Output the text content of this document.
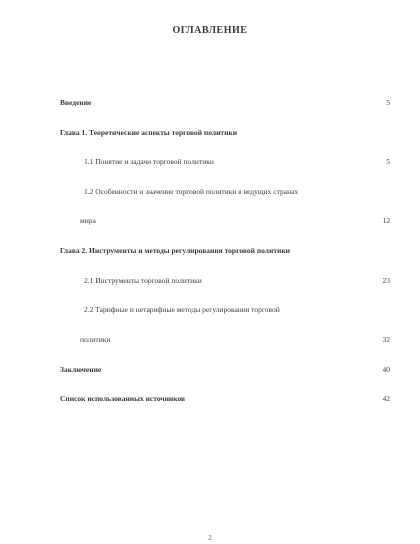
ОГЛАВЛЕНИЕ
Введение	5
Глава 1. Теоретические аспекты торговой политики
1.1 Понятие и задачи торговой политики	5
1.2 Особенности и значение торговой политики в ведущих странах
мира	12
Глава 2. Инструменты и методы регулирования торговой политики
2.1 Инструменты торговой политики	23
2.2 Тарифные и нетарифные методы регулирования торговой
политики	32
Заключение	40
Список использованных источников	42
2
